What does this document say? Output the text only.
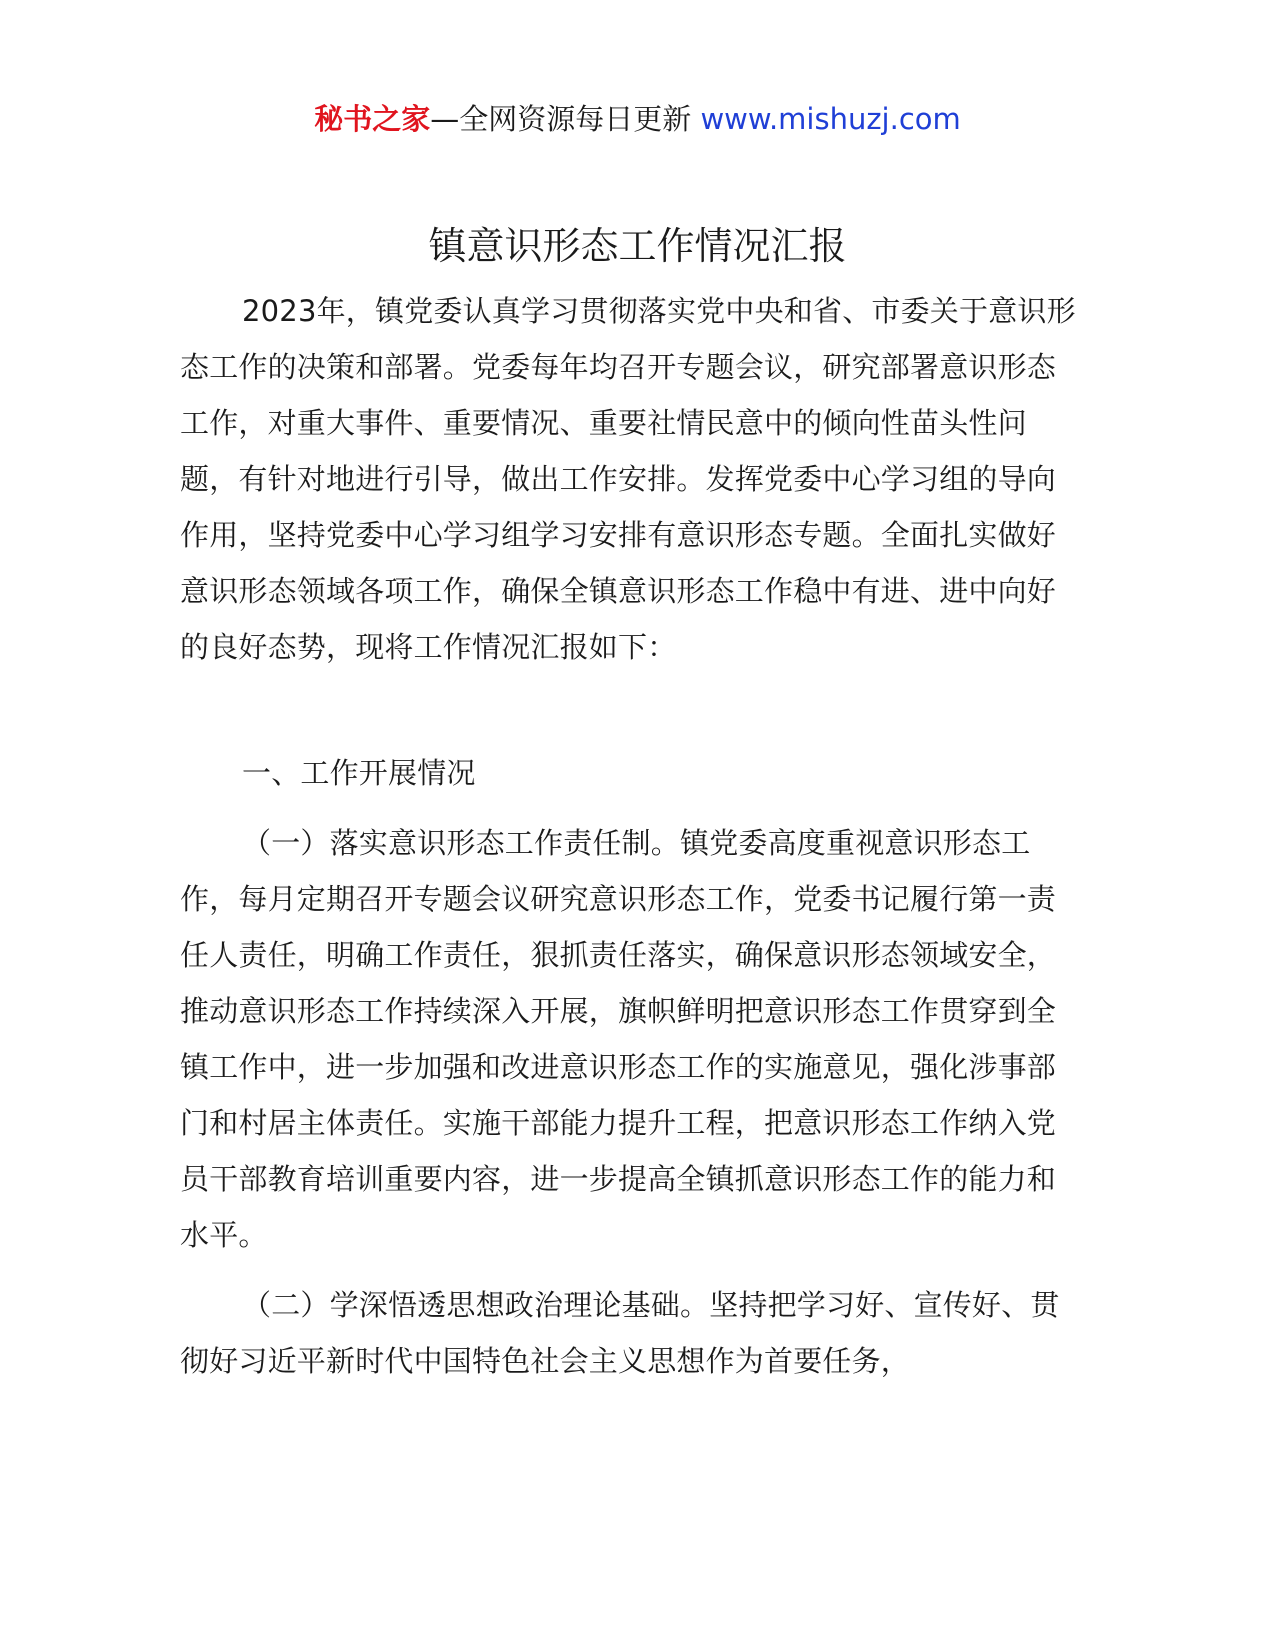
秘书之家—全网资源每日更新 www.mishuzj.com
镇意识形态工作情况汇报

2023年，镇党委认真学习贯彻落实党中央和省、市委关于意识形态工作的决策和部署。党委每年均召开专题会议，研究部署意识形态工作，对重大事件、重要情况、重要社情民意中的倾向性苗头性问题，有针对地进行引导，做出工作安排。发挥党委中心学习组的导向作用，坚持党委中心学习组学习安排有意识形态专题。全面扎实做好意识形态领域各项工作，确保全镇意识形态工作稳中有进、进中向好的良好态势，现将工作情况汇报如下：

一、工作开展情况

（一）落实意识形态工作责任制。镇党委高度重视意识形态工作，每月定期召开专题会议研究意识形态工作，党委书记履行第一责任人责任，明确工作责任，狠抓责任落实，确保意识形态领域安全，推动意识形态工作持续深入开展，旗帜鲜明把意识形态工作贯穿到全镇工作中，进一步加强和改进意识形态工作的实施意见，强化涉事部门和村居主体责任。实施干部能力提升工程，把意识形态工作纳入党员干部教育培训重要内容，进一步提高全镇抓意识形态工作的能力和水平。

（二）学深悟透思想政治理论基础。坚持把学习好、宣传好、贯彻好习近平新时代中国特色社会主义思想作为首要任务，
